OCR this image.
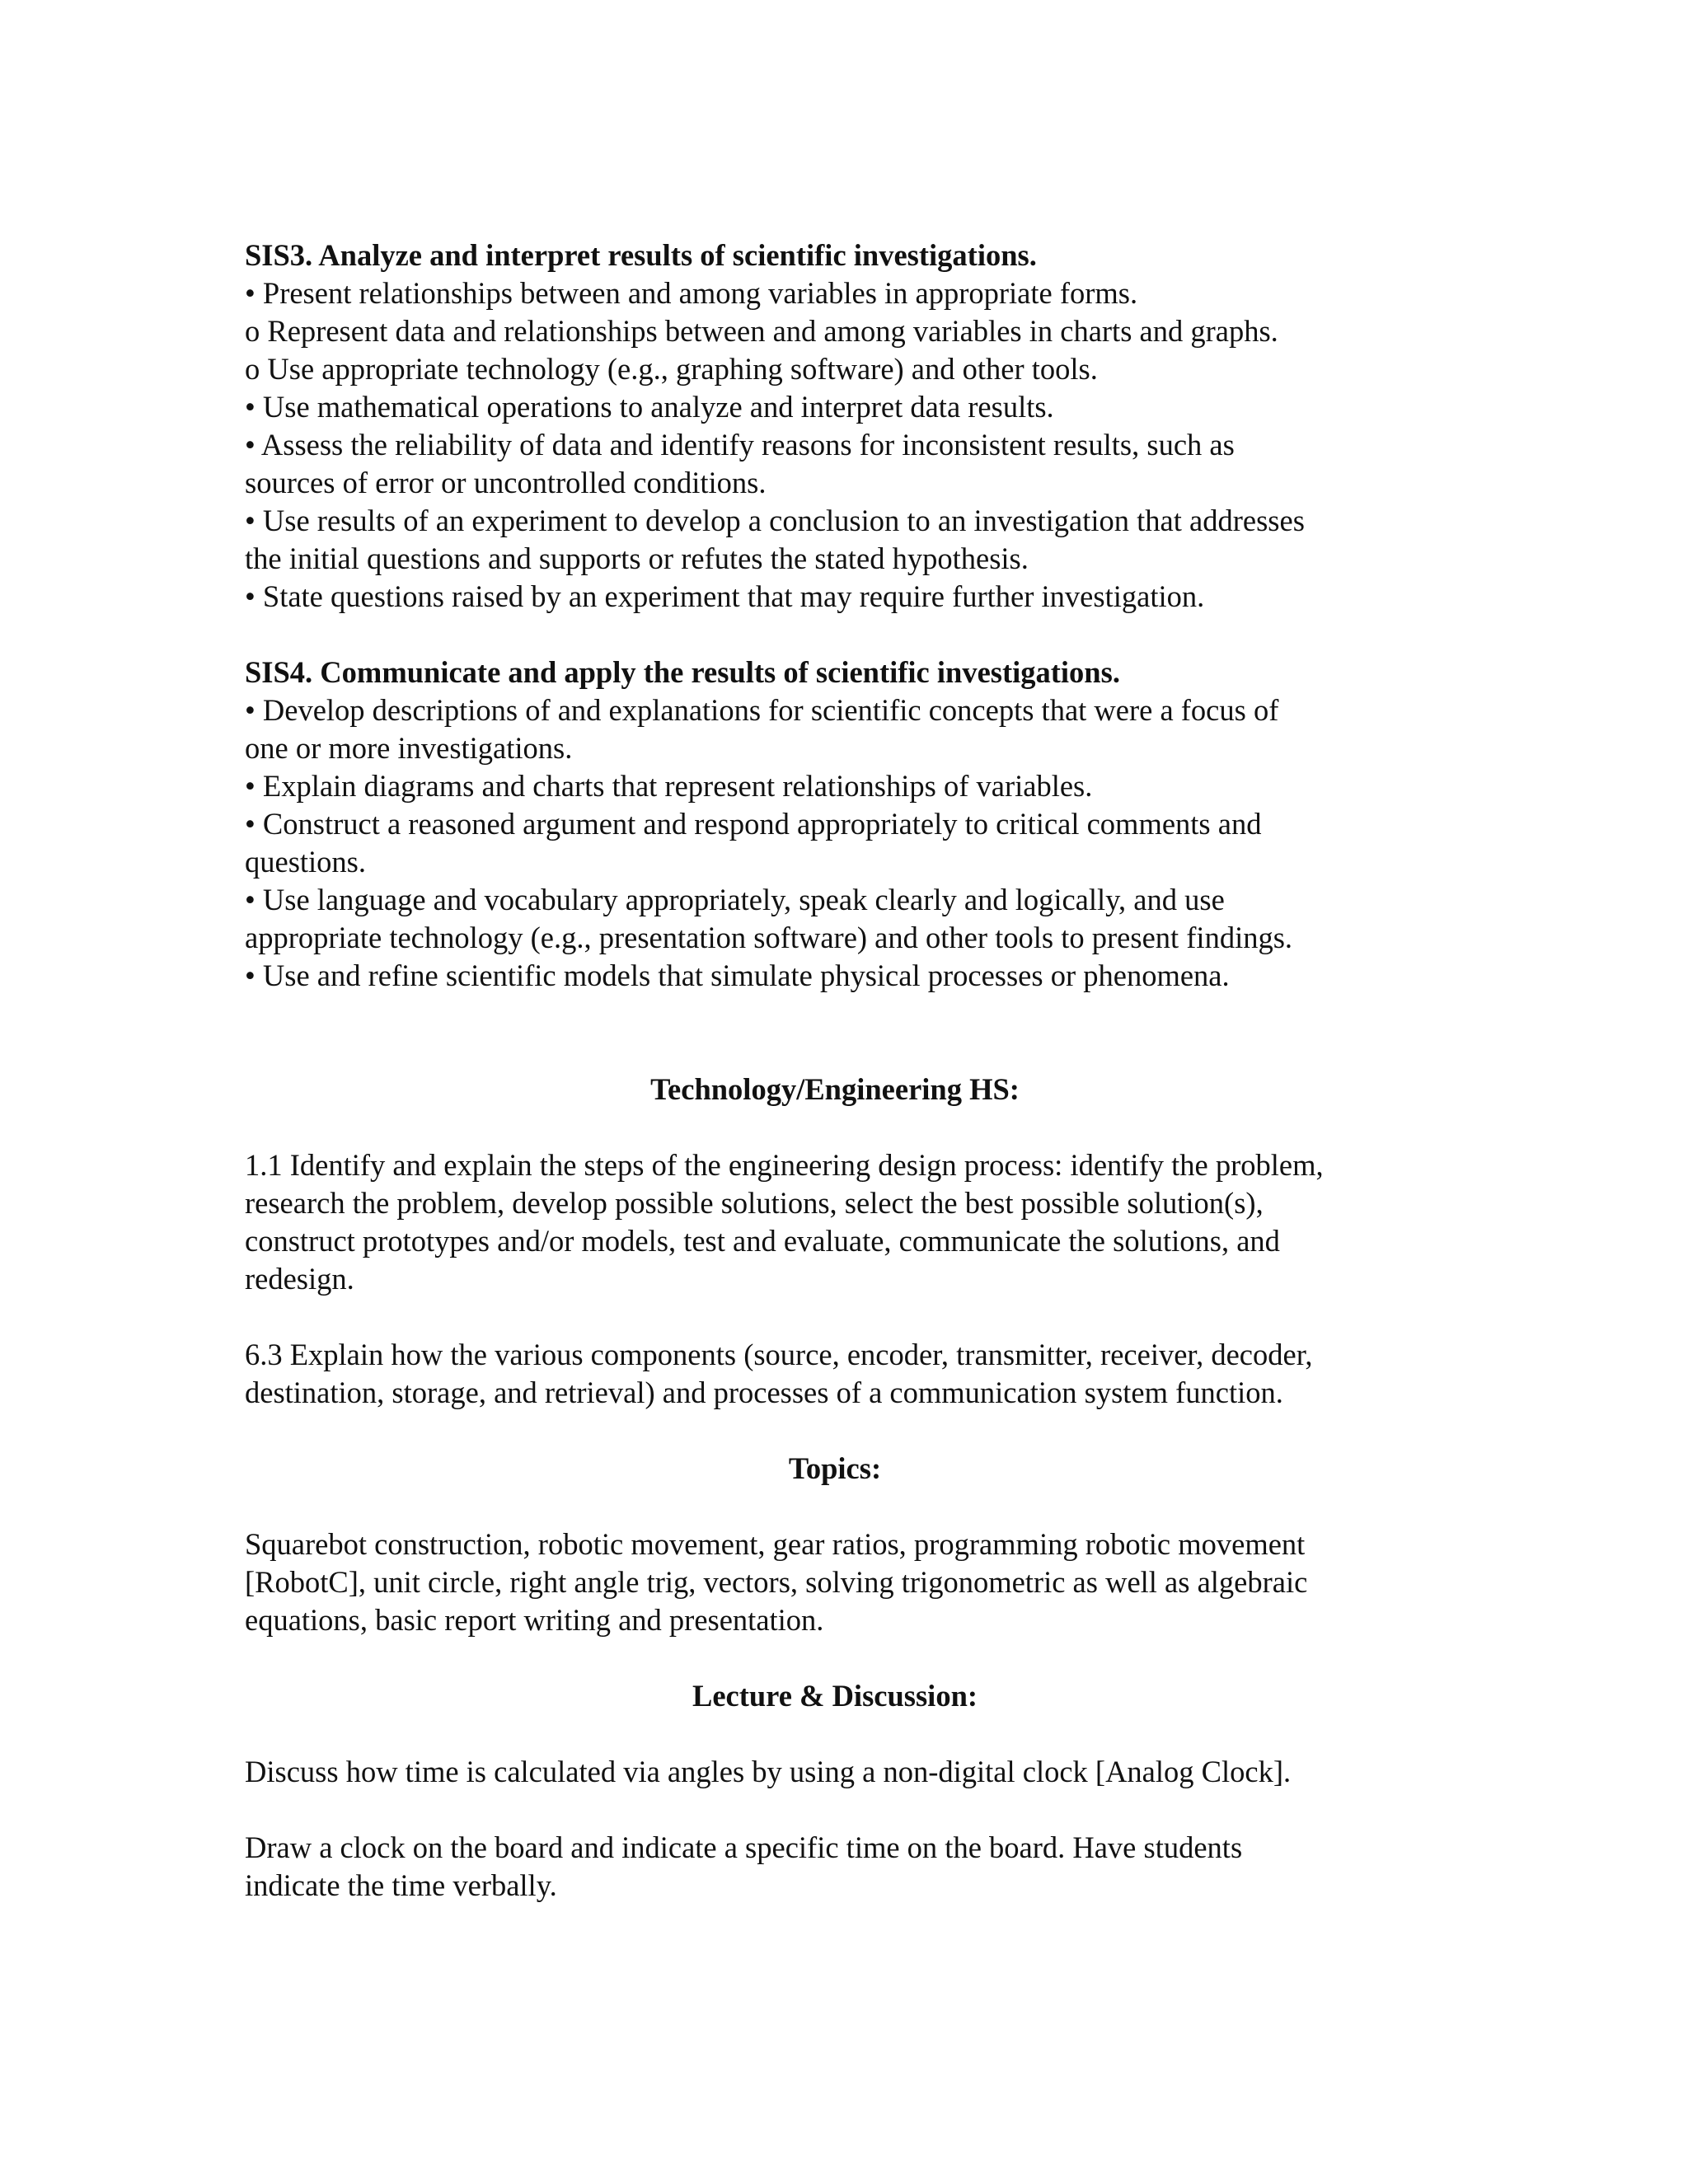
SIS3. Analyze and interpret results of scientific investigations.
• Present relationships between and among variables in appropriate forms.
o Represent data and relationships between and among variables in charts and graphs.
o Use appropriate technology (e.g., graphing software) and other tools.
• Use mathematical operations to analyze and interpret data results.
• Assess the reliability of data and identify reasons for inconsistent results, such as
sources of error or uncontrolled conditions.
• Use results of an experiment to develop a conclusion to an investigation that addresses
the initial questions and supports or refutes the stated hypothesis.
• State questions raised by an experiment that may require further investigation.
SIS4. Communicate and apply the results of scientific investigations.
• Develop descriptions of and explanations for scientific concepts that were a focus of
one or more investigations.
• Explain diagrams and charts that represent relationships of variables.
• Construct a reasoned argument and respond appropriately to critical comments and
questions.
• Use language and vocabulary appropriately, speak clearly and logically, and use
appropriate technology (e.g., presentation software) and other tools to present findings.
• Use and refine scientific models that simulate physical processes or phenomena.
Technology/Engineering HS:
1.1 Identify and explain the steps of the engineering design process: identify the problem,
research the problem, develop possible solutions, select the best possible solution(s),
construct prototypes and/or models, test and evaluate, communicate the solutions, and
redesign.
6.3 Explain how the various components (source, encoder, transmitter, receiver, decoder,
destination, storage, and retrieval) and processes of a communication system function.
Topics:
Squarebot construction, robotic movement, gear ratios, programming robotic movement
[RobotC], unit circle, right angle trig, vectors, solving trigonometric as well as algebraic
equations, basic report writing and presentation.
Lecture & Discussion:
Discuss how time is calculated via angles by using a non-digital clock [Analog Clock].
Draw a clock on the board and indicate a specific time on the board. Have students
indicate the time verbally.
